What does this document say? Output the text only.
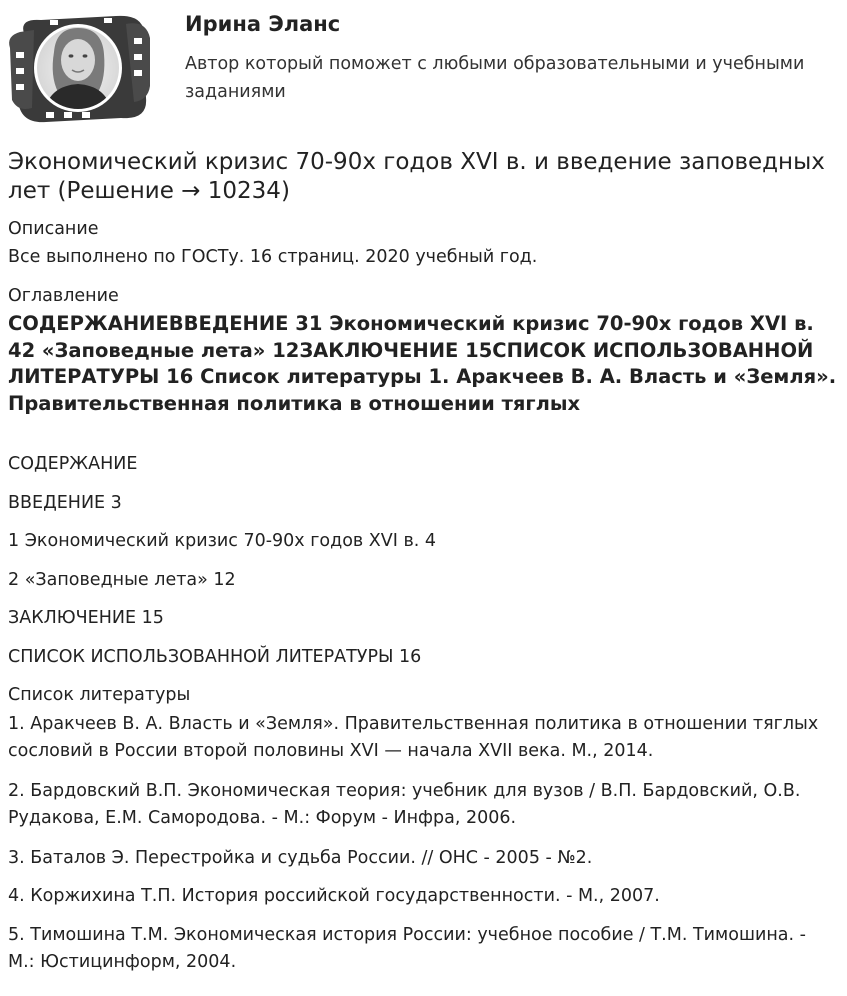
Ирина Эланс
Автор который поможет с любыми образовательными и учебными заданиями
Экономический кризис 70-90х годов XVI в. и введение заповедных лет (Решение → 10234)
Описание
Все выполнено по ГОСТу. 16 страниц. 2020 учебный год.
Оглавление
СОДЕРЖАНИЕВВЕДЕНИЕ 31 Экономический кризис 70-90х годов XVI в. 42 «Заповедные лета» 12ЗАКЛЮЧЕНИЕ 15СПИСОК ИСПОЛЬЗОВАННОЙ ЛИТЕРАТУРЫ 16 Список литературы 1. Аракчеев В. А. Власть и «Земля». Правительственная политика в отношении тяглых
СОДЕРЖАНИЕ
ВВЕДЕНИЕ 3
1 Экономический кризис 70-90х годов XVI в. 4
2 «Заповедные лета» 12
ЗАКЛЮЧЕНИЕ 15
СПИСОК ИСПОЛЬЗОВАННОЙ ЛИТЕРАТУРЫ 16
Список литературы
1. Аракчеев В. А. Власть и «Земля». Правительственная политика в отношении тяглых сословий в России второй половины XVI — начала XVII века. М., 2014.
2. Бардовский В.П. Экономическая теория: учебник для вузов / В.П. Бардовский, О.В. Рудакова, Е.М. Самородова. - М.: Форум - Инфра, 2006.
3. Баталов Э. Перестройка и судьба России. // ОНС - 2005 - №2.
4. Коржихина Т.П. История российской государственности. - М., 2007.
5. Тимошина Т.М. Экономическая история России: учебное пособие / Т.М. Тимошина. - М.: Юстицинформ, 2004.
